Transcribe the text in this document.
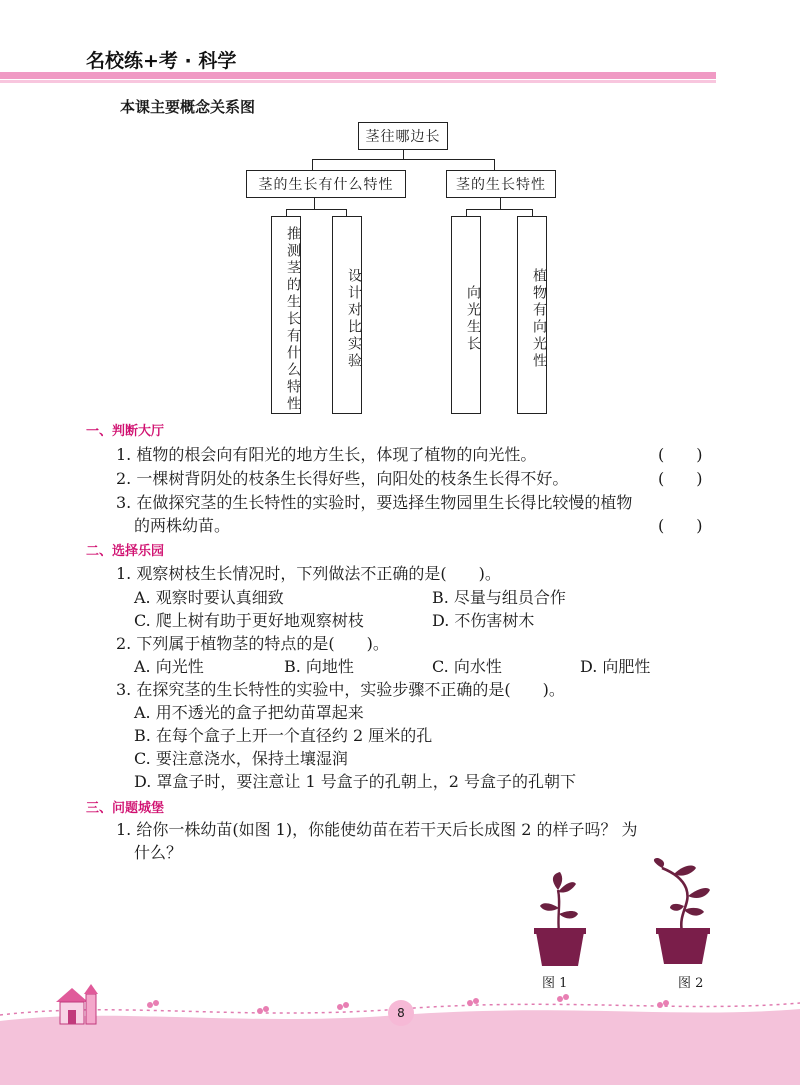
名校练+考 · 科学
本课主要概念关系图
茎往哪边长
茎的生长有什么特性	茎的生长特性
推测茎的生长有什么特性	设计对比实验	向光生长	植物有向光性
一、判断大厅
1. 植物的根会向有阳光的地方生长，体现了植物的向光性。	(　　)
2. 一棵树背阴处的枝条生长得好些，向阳处的枝条生长得不好。	(　　)
3. 在做探究茎的生长特性的实验时，要选择生物园里生长得比较慢的植物
的两株幼苗。	(　　)
二、选择乐园
1. 观察树枝生长情况时，下列做法不正确的是(　　)。
A. 观察时要认真细致	B. 尽量与组员合作
C. 爬上树有助于更好地观察树枝	D. 不伤害树木
2. 下列属于植物茎的特点的是(　　)。
A. 向光性	B. 向地性	C. 向水性	D. 向肥性
3. 在探究茎的生长特性的实验中，实验步骤不正确的是(　　)。
A. 用不透光的盒子把幼苗罩起来
B. 在每个盒子上开一个直径约 2 厘米的孔
C. 要注意浇水，保持土壤湿润
D. 罩盒子时，要注意让 1 号盒子的孔朝上，2 号盒子的孔朝下
三、问题城堡
1. 给你一株幼苗(如图 1)，你能使幼苗在若干天后长成图 2 的样子吗？ 为
什么？
图 1	图 2
8
